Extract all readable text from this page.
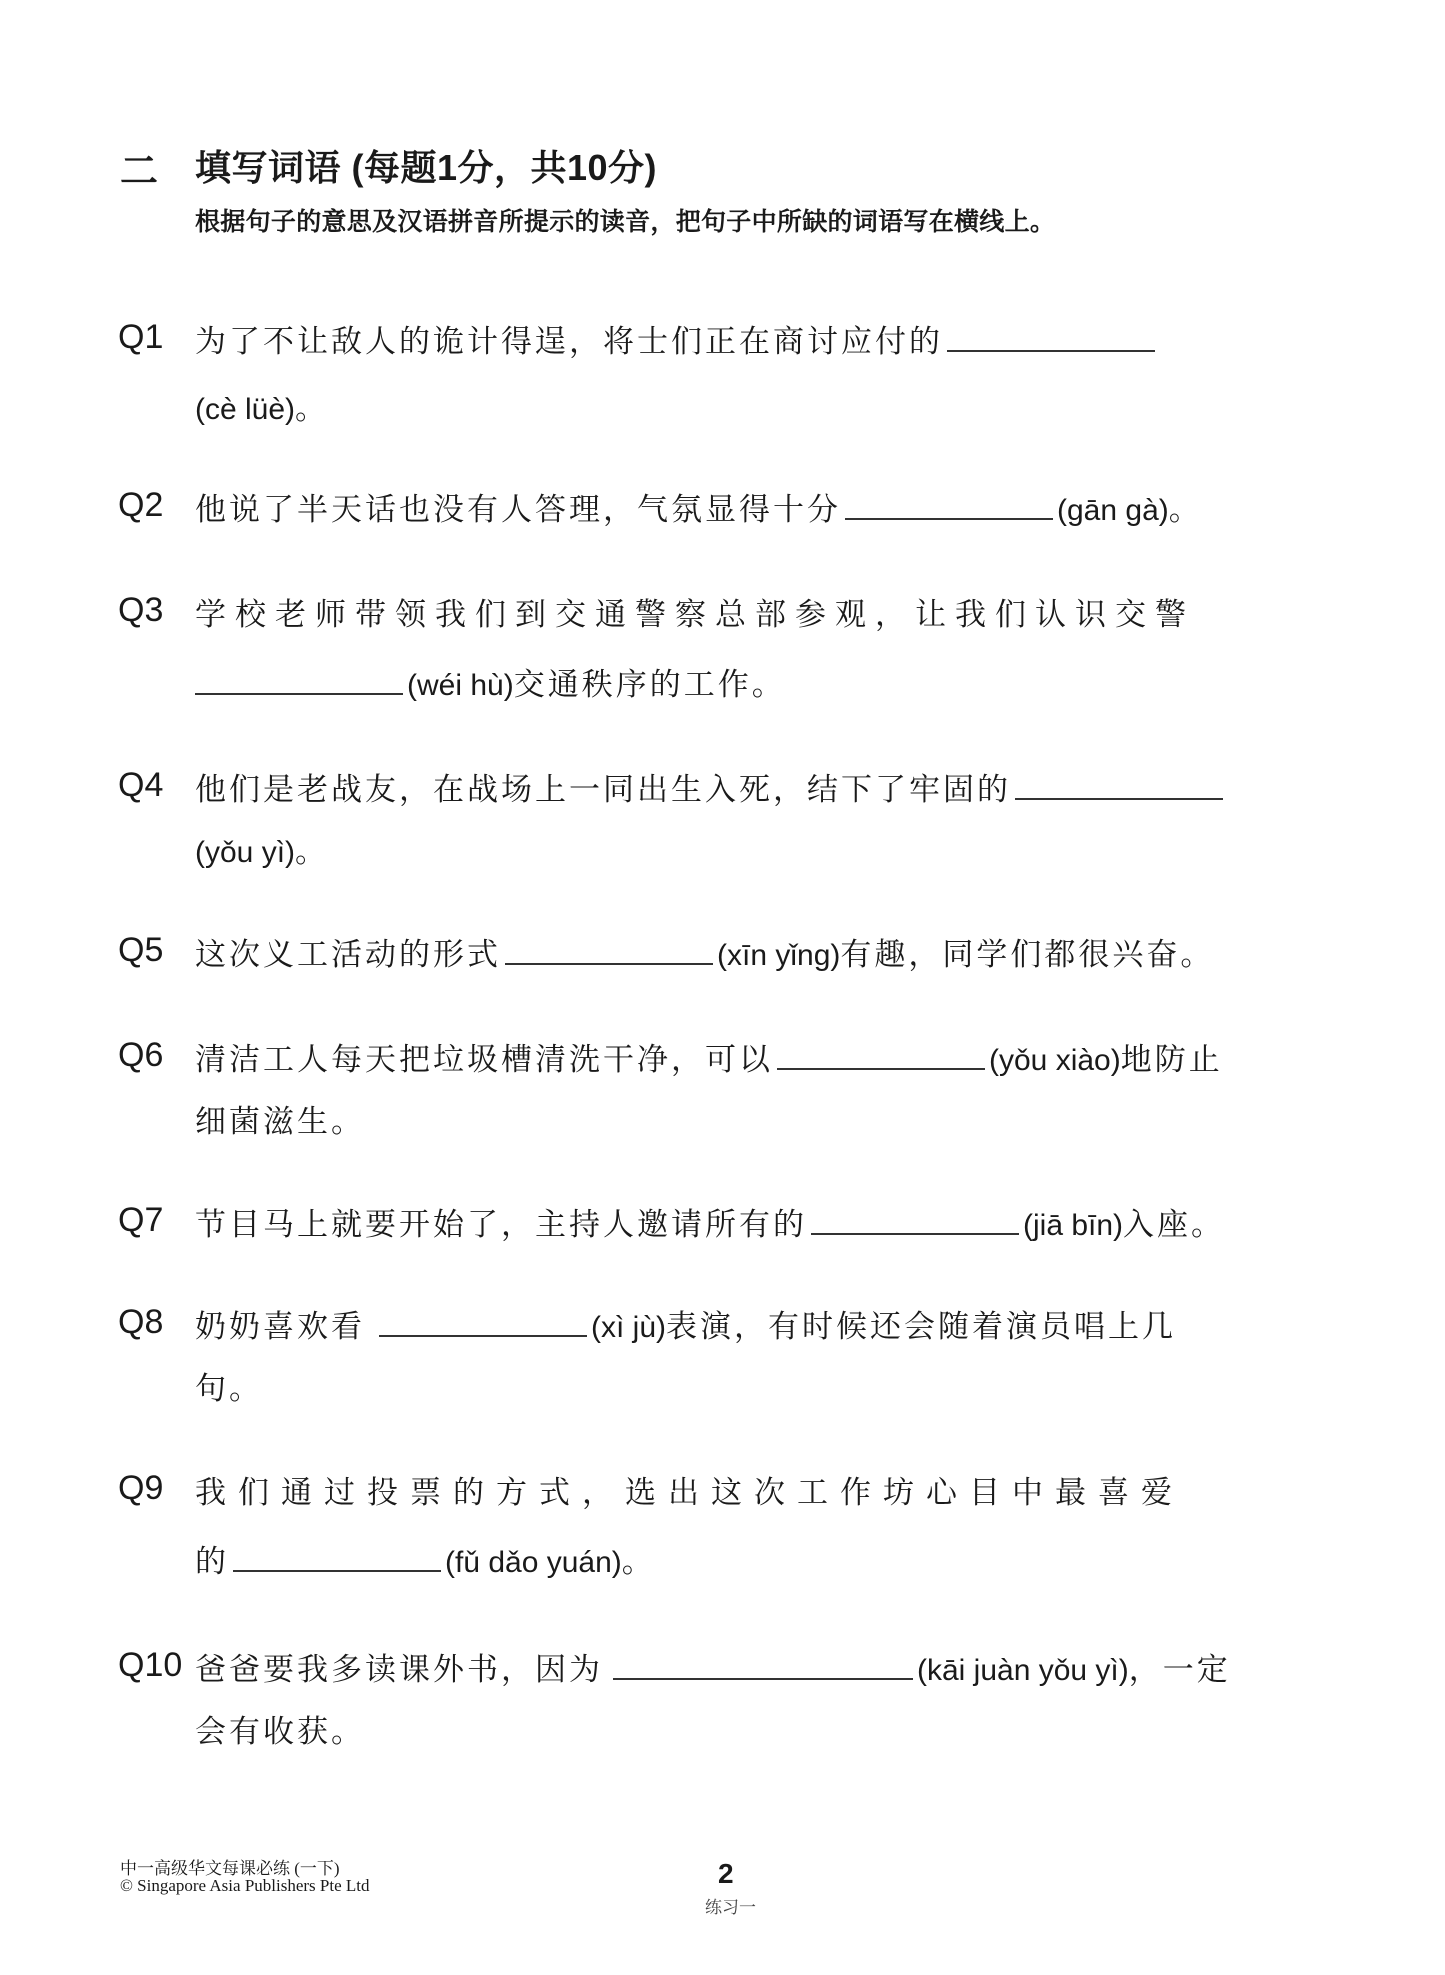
二 填写词语 (每题1分，共10分)
根据句子的意思及汉语拼音所提示的读音，把句子中所缺的词语写在横线上。
Q1 为了不让敌人的诡计得逞，将士们正在商讨应付的
(cè lüè)。
Q2 他说了半天话也没有人答理，气氛显得十分	(gān gà)。
Q3 学校老师带领我们到交通警察总部参观，让我们认识交警
(wéi hù)交通秩序的工作。
Q4 他们是老战友，在战场上一同出生入死，结下了牢固的
(yǒu yì)。
Q5 这次义工活动的形式	(xīn yǐng)有趣，同学们都很兴奋。
Q6 清洁工人每天把垃圾槽清洗干净，可以	(yǒu xiào)地防止
细菌滋生。
Q7 节目马上就要开始了，主持人邀请所有的	(jiā bīn)入座。
Q8 奶奶喜欢看	(xì jù)表演，有时候还会随着演员唱上几
句。
Q9 我们通过投票的方式，选出这次工作坊心目中最喜爱
的	(fǔ dǎo yuán)。
Q10 爸爸要我多读课外书，因为	(kāi juàn yǒu yì)，一定
会有收获。
中一高级华文每课必练 (一下)
© Singapore Asia Publishers Pte Ltd	2
练习一
